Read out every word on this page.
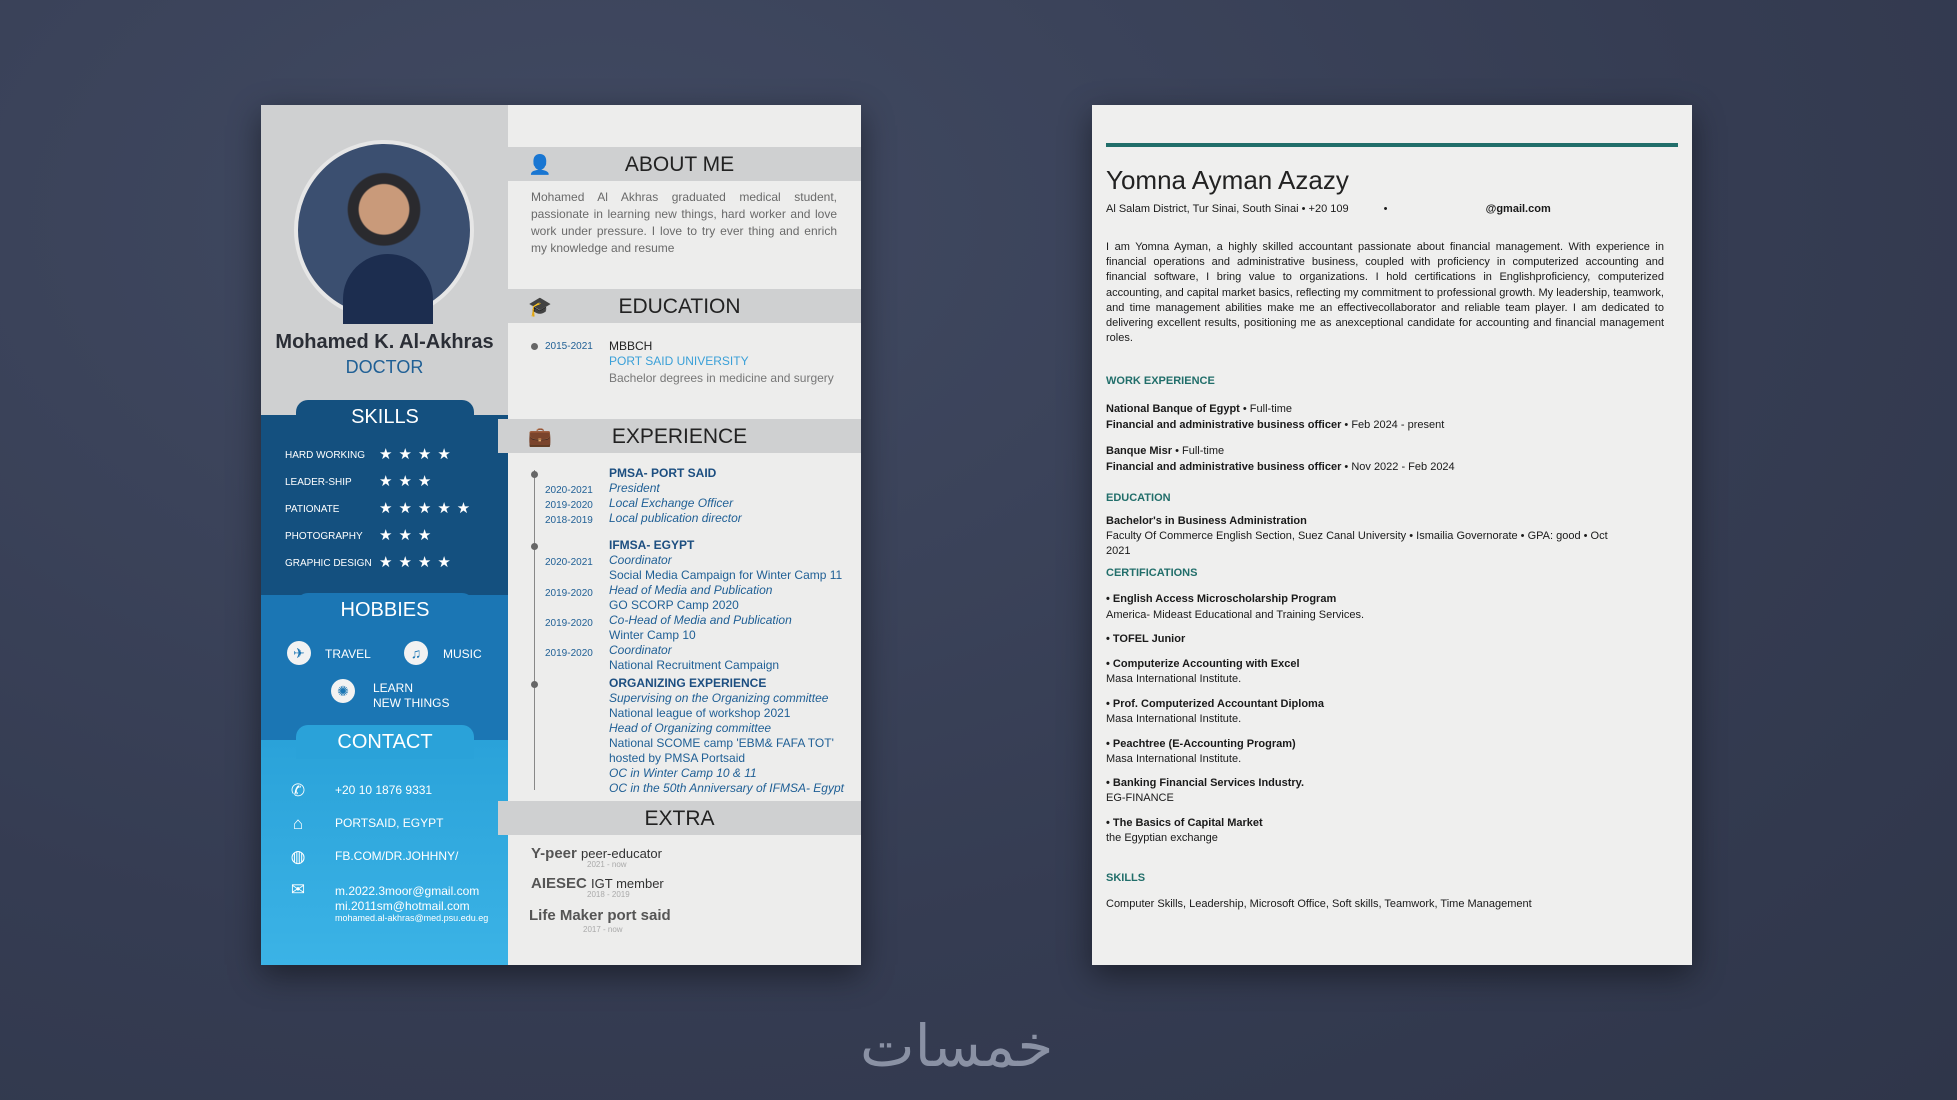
Mohamed K. Al-Akhras
DOCTOR
SKILLS
HARD WORKING ★★★★
LEADER-SHIP ★★★
PATIONATE	★★★★★
PHOTOGRAPHY ★★★
GRAPHIC DESIGN ★★★★
HOBBIES
✈	TRAVEL	♫	MUSIC
✺	LEARN
NEW THINGS
CONTACT
✆	+20 10 1876 9331
⌂	PORTSAID, EGYPT
◍ FB.COM/DR.JOHHNY/
✉	m.2022.3moor@gmail.com
mi.2011sm@hotmail.com
mohamed.al-akhras@med.psu.edu.eg
👤	ABOUT ME
Mohamed Al Akhras graduated medical student, passionate in learning new things, hard worker and love work under pressure. I love to try ever thing and enrich my knowledge and resume
🎓	EDUCATION
2015-2021 MBBCH
PORT SAID UNIVERSITY
Bachelor degrees in medicine and surgery
💼	EXPERIENCE
PMSA- PORT SAID
2020-2021 President
2019-2020 Local Exchange Officer
2018-2019 Local publication director
IFMSA- EGYPT
2020-2021 Coordinator
Social Media Campaign for Winter Camp 11
2019-2020 Head of Media and Publication
GO SCORP Camp 2020
2019-2020 Co-Head of Media and Publication
Winter Camp 10
2019-2020 Coordinator
National Recruitment Campaign
ORGANIZING EXPERIENCE
Supervising on the Organizing committee
National league of workshop 2021
Head of Organizing committee
National SCOME camp 'EBM& FAFA TOT'
hosted by PMSA Portsaid
OC in Winter Camp 10 & 11
OC in the 50th Anniversary of IFMSA- Egypt
EXTRA
Y-peer peer-educator
2021 - now
AIESEC IGT member
2018 - 2019
Life Maker port said
2017 - now
Yomna Ayman Azazy
Al Salam District, Tur Sinai, South Sinai • +20 109	•	@gmail.com
I am Yomna Ayman, a highly skilled accountant passionate about financial management. With experience in financial operations and administrative business, coupled with proficiency in computerized accounting and financial software, I bring value to organizations. I hold certifications in Englishproficiency, computerized accounting, and capital market basics, reflecting my commitment to professional growth. My leadership, teamwork, and time management abilities make me an effectivecollaborator and reliable team player. I am dedicated to delivering excellent results, positioning me as anexceptional candidate for accounting and financial management roles.
WORK EXPERIENCE
National Banque of Egypt • Full-time
Financial and administrative business officer • Feb 2024 - present
Banque Misr • Full-time
Financial and administrative business officer • Nov 2022 - Feb 2024
EDUCATION
Bachelor's in Business Administration
Faculty Of Commerce English Section, Suez Canal University • Ismailia Governorate • GPA: good • Oct
2021
CERTIFICATIONS
• English Access Microscholarship Program
America- Mideast Educational and Training Services.
• TOFEL Junior
• Computerize Accounting with Excel
Masa International Institute.
• Prof. Computerized Accountant Diploma
Masa International Institute.
• Peachtree (E-Accounting Program)
Masa International Institute.
• Banking Financial Services Industry.
EG-FINANCE
• The Basics of Capital Market
the Egyptian exchange
SKILLS
Computer Skills, Leadership, Microsoft Office, Soft skills, Teamwork, Time Management
خمسات
